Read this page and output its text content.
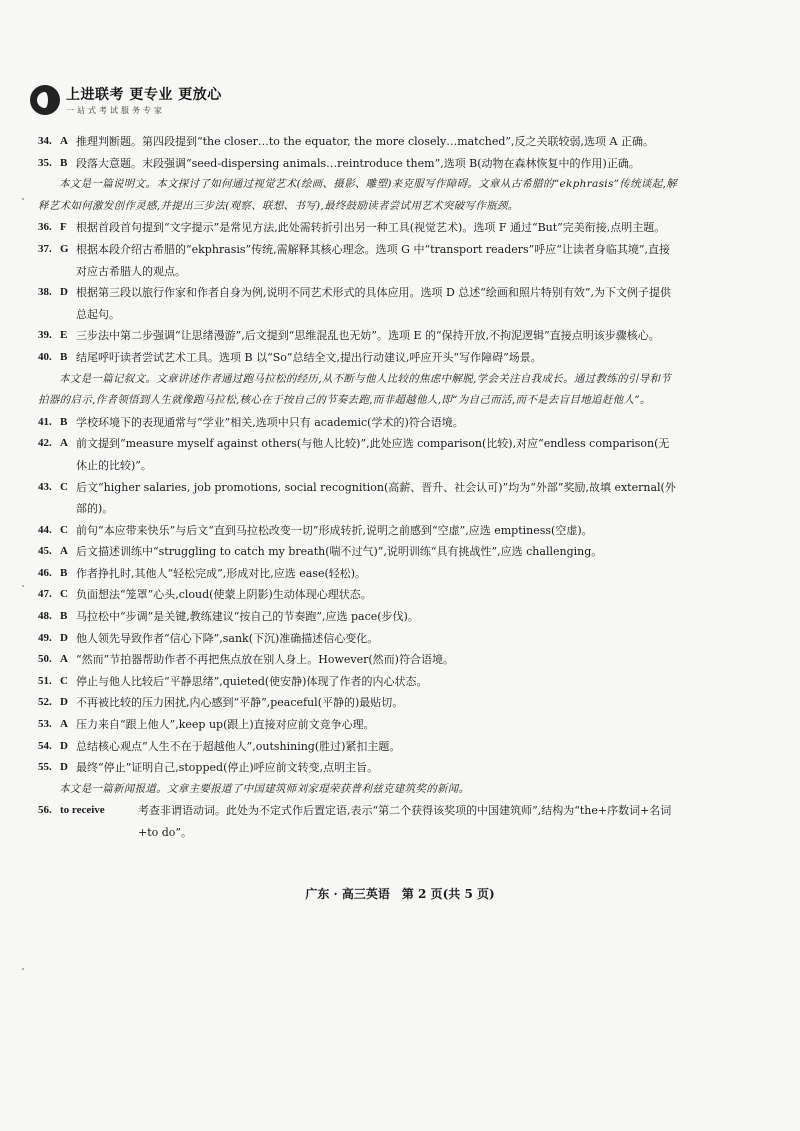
上进联考 更专业 更放心
一站式考试服务专家
34. A 推理判断题。第四段提到“the closer…to the equator, the more closely…matched”,反之关联较弱,选项 A 正确。
35. B 段落大意题。末段强调“seed-dispersing animals…reintroduce them”,选项 B(动物在森林恢复中的作用)正确。
本文是一篇说明文。本文探讨了如何通过视觉艺术(绘画、摄影、雕塑)来克服写作障碍。文章从古希腊的“ekphrasis”传统谈起,解释艺术如何激发创作灵感,并提出三步法(观察、联想、书写),最终鼓励读者尝试用艺术突破写作瓶颈。
36. F 根据首段首句提到“文字提示”是常见方法,此处需转折引出另一种工具(视觉艺术)。选项 F 通过“But”完美衔接,点明主题。
37. G 根据本段介绍古希腊的“ekphrasis”传统,需解释其核心理念。选项 G 中“transport readers”呼应“让读者身临其境”,直接对应古希腊人的观点。
38. D 根据第三段以旅行作家和作者自身为例,说明不同艺术形式的具体应用。选项 D 总述“绘画和照片特别有效”,为下文例子提供总起句。
39. E 三步法中第二步强调“让思绪漫游”,后文提到“思维混乱也无妨”。选项 E 的“保持开放,不拘泥逻辑”直接点明该步骤核心。
40. B 结尾呼吁读者尝试艺术工具。选项 B 以“So”总结全文,提出行动建议,呼应开头“写作障碍”场景。
本文是一篇记叙文。文章讲述作者通过跑马拉松的经历,从不断与他人比较的焦虑中解脱,学会关注自我成长。通过教练的引导和节拍器的启示,作者领悟到人生就像跑马拉松,核心在于按自己的节奏去跑,而非超越他人,即“为自己而活,而不是去盲目地追赶他人”。
41. B 学校环境下的表现通常与“学业”相关,选项中只有 academic(学术的)符合语境。
42. A 前文提到“measure myself against others(与他人比较)”,此处应选 comparison(比较),对应“endless comparison(无休止的比较)”。
43. C 后文“higher salaries, job promotions, social recognition(高薪、晋升、社会认可)”均为“外部”奖励,故填 external(外部的)。
44. C 前句“本应带来快乐”与后文“直到马拉松改变一切”形成转折,说明之前感到“空虚”,应选 emptiness(空虚)。
45. A 后文描述训练中“struggling to catch my breath(喘不过气)”,说明训练“具有挑战性”,应选 challenging。
46. B 作者挣扎时,其他人“轻松完成”,形成对比,应选 ease(轻松)。
47. C 负面想法“笼罩”心头,cloud(使蒙上阴影)生动体现心理状态。
48. B 马拉松中“步调”是关键,教练建议“按自己的节奏跑”,应选 pace(步伐)。
49. D 他人领先导致作者“信心下降”,sank(下沉)准确描述信心变化。
50. A “然而”节拍器帮助作者不再把焦点放在别人身上。However(然而)符合语境。
51. C 停止与他人比较后“平静思绪”,quieted(使安静)体现了作者的内心状态。
52. D 不再被比较的压力困扰,内心感到“平静”,peaceful(平静的)最贴切。
53. A 压力来自“跟上他人”,keep up(跟上)直接对应前文竞争心理。
54. D 总结核心观点“人生不在于超越他人”,outshining(胜过)紧扣主题。
55. D 最终“停止”证明自己,stopped(停止)呼应前文转变,点明主旨。
本文是一篇新闻报道。文章主要报道了中国建筑师刘家琨荣获普利兹克建筑奖的新闻。
56. to receive	考查非谓语动词。此处为不定式作后置定语,表示“第二个获得该奖项的中国建筑师”,结构为“the+序数词+名词+to do”。
广东 · 高三英语　第 2 页(共 5 页)
